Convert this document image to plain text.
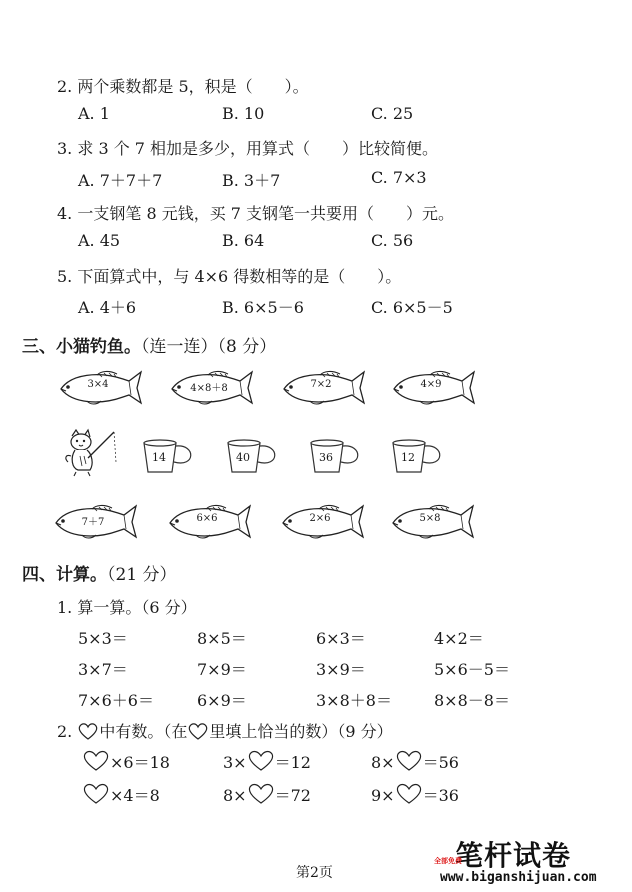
2. 两个乘数都是 5，积是（　　）。
A. 1	B. 10	C. 25
3. 求 3 个 7 相加是多少，用算式（　　）比较简便。
A. 7＋7＋7	B. 3＋7	C. 7×3
4. 一支钢笔 8 元钱，买 7 支钢笔一共要用（　　）元。
A. 45	B. 64	C. 56
5. 下面算式中，与 4×6 得数相等的是（　　）。
A. 4＋6	B. 6×5－6	C. 6×5－5
三、小猫钓鱼。（连一连）（8 分）
3×4	4×8＋8	7×2	4×9
14	40	36	12
7＋7	6×6	2×6	5×8
四、计算。（21 分）
1. 算一算。（6 分）
5×3＝	8×5＝	6×3＝	4×2＝
3×7＝	7×9＝	3×9＝	5×6－5＝
7×6＋6＝	6×9＝	3×8＋8＝	8×8－8＝
2. 中有数。（在 里填上恰当的数）（9 分）
×6＝18	3× ＝12	8× ＝56
×4＝8	8× ＝72	9× ＝36
第2页
笔杆试卷
全部免费
www.biganshijuan.com
